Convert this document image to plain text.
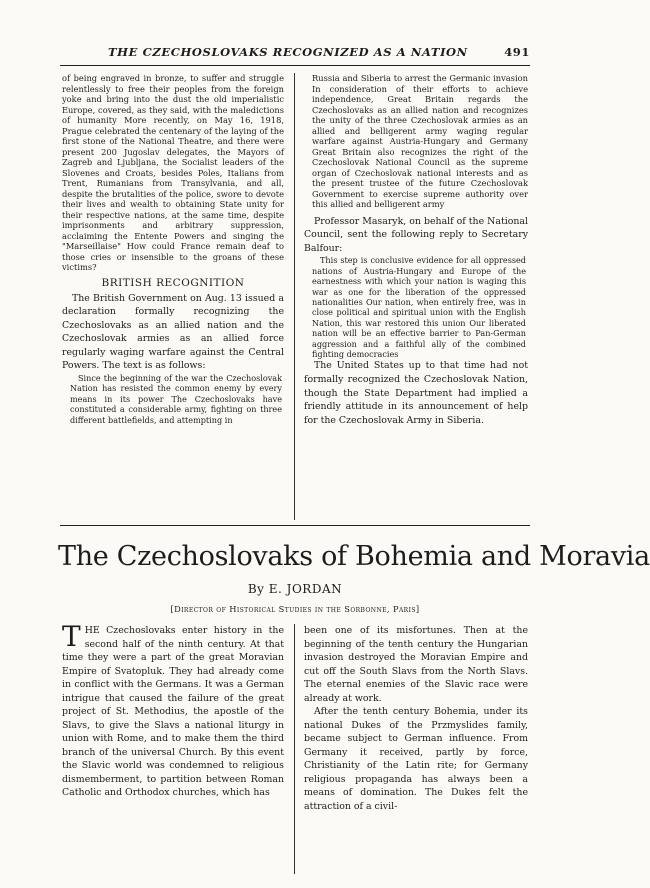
THE CZECHOSLOVAKS RECOGNIZED AS A NATION	491

of being engraved in bronze, to suffer and struggle relentlessly to free their peoples from the foreign yoke and bring into the dust the old imperialistic Europe, covered, as they said, with the maledictions of humanity More recently, on May 16, 1918, Prague celebrated the centenary of the laying of the first stone of the National Theatre, and there were present 200 Jugoslav delegates, the Mayors of Zagreb and Ljubljana, the Socialist leaders of the Slovenes and Croats, besides Poles, Italians from Trent, Rumanians from Transylvania, and all, despite the brutalities of the police, swore to devote their lives and wealth to obtaining State unity for their respective nations, at the same time, despite imprisonments and arbitrary suppression, acclaiming the Entente Powers and singing the "Marseillaise" How could France remain deaf to those cries or insensible to the groans of these victims?

BRITISH RECOGNITION

The British Government on Aug. 13 issued a declaration formally recognizing the Czechoslovaks as an allied nation and the Czechoslovak armies as an allied force regularly waging warfare against the Central Powers. The text is as follows:

Since the beginning of the war the Czechoslovak Nation has resisted the common enemy by every means in its power The Czechoslovaks have constituted a considerable army, fighting on three different battlefields, and attempting in

Russia and Siberia to arrest the Germanic invasion In consideration of their efforts to achieve independence, Great Britain regards the Czechoslovaks as an allied nation and recognizes the unity of the three Czechoslovak armies as an allied and belligerent army waging regular warfare against Austria-Hungary and Germany Great Britain also recognizes the right of the Czechoslovak National Council as the supreme organ of Czechoslovak national interests and as the present trustee of the future Czechoslovak Government to exercise supreme authority over this allied and belligerent army

Professor Masaryk, on behalf of the National Council, sent the following reply to Secretary Balfour:

This step is conclusive evidence for all oppressed nations of Austria-Hungary and Europe of the earnestness with which your nation is waging this war as one for the liberation of the oppressed nationalities Our nation, when entirely free, was in close political and spiritual union with the English Nation, this war restored this union Our liberated nation will be an effective barrier to Pan-German aggression and a faithful ally of the combined fighting democracies

The United States up to that time had not formally recognized the Czechoslovak Nation, though the State Department had implied a friendly attitude in its announcement of help for the Czechoslovak Army in Siberia.

The Czechoslovaks of Bohemia and Moravia
By E. JORDAN
[Director of Historical Studies in the Sorbonne, Paris]

THE Czechoslovaks enter history in the second half of the ninth century. At that time they were a part of the great Moravian Empire of Svatopluk. They had already come in conflict with the Germans. It was a German intrigue that caused the failure of the great project of St. Methodius, the apostle of the Slavs, to give the Slavs a national liturgy in union with Rome, and to make them the third branch of the universal Church. By this event the Slavic world was condemned to religious dismemberment, to partition between Roman Catholic and Orthodox churches, which has

been one of its misfortunes. Then at the beginning of the tenth century the Hungarian invasion destroyed the Moravian Empire and cut off the South Slavs from the North Slavs. The eternal enemies of the Slavic race were already at work.

After the tenth century Bohemia, under its national Dukes of the Przmyslides family, became subject to German influence. From Germany it received, partly by force, Christianity of the Latin rite; for Germany religious propaganda has always been a means of domination. The Dukes felt the attraction of a civil-
